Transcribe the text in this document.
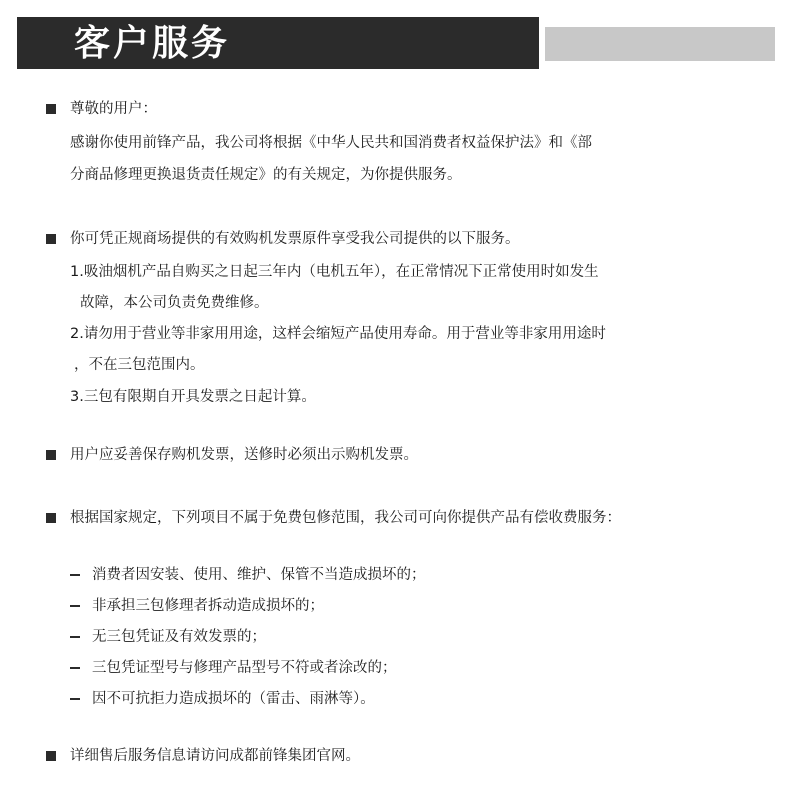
客户服务
尊敬的用户：
感谢你使用前锋产品，我公司将根据《中华人民共和国消费者权益保护法》和《部
分商品修理更换退货责任规定》的有关规定，为你提供服务。
你可凭正规商场提供的有效购机发票原件享受我公司提供的以下服务。
1.吸油烟机产品自购买之日起三年内（电机五年），在正常情况下正常使用时如发生
故障，本公司负责免费维修。
2.请勿用于营业等非家用用途，这样会缩短产品使用寿命。用于营业等非家用用途时
，不在三包范围内。
3.三包有限期自开具发票之日起计算。
用户应妥善保存购机发票，送修时必须出示购机发票。
根据国家规定，下列项目不属于免费包修范围，我公司可向你提供产品有偿收费服务：
消费者因安装、使用、维护、保管不当造成损坏的；
非承担三包修理者拆动造成损坏的；
无三包凭证及有效发票的；
三包凭证型号与修理产品型号不符或者涂改的；
因不可抗拒力造成损坏的（雷击、雨淋等）。
详细售后服务信息请访问成都前锋集团官网。
